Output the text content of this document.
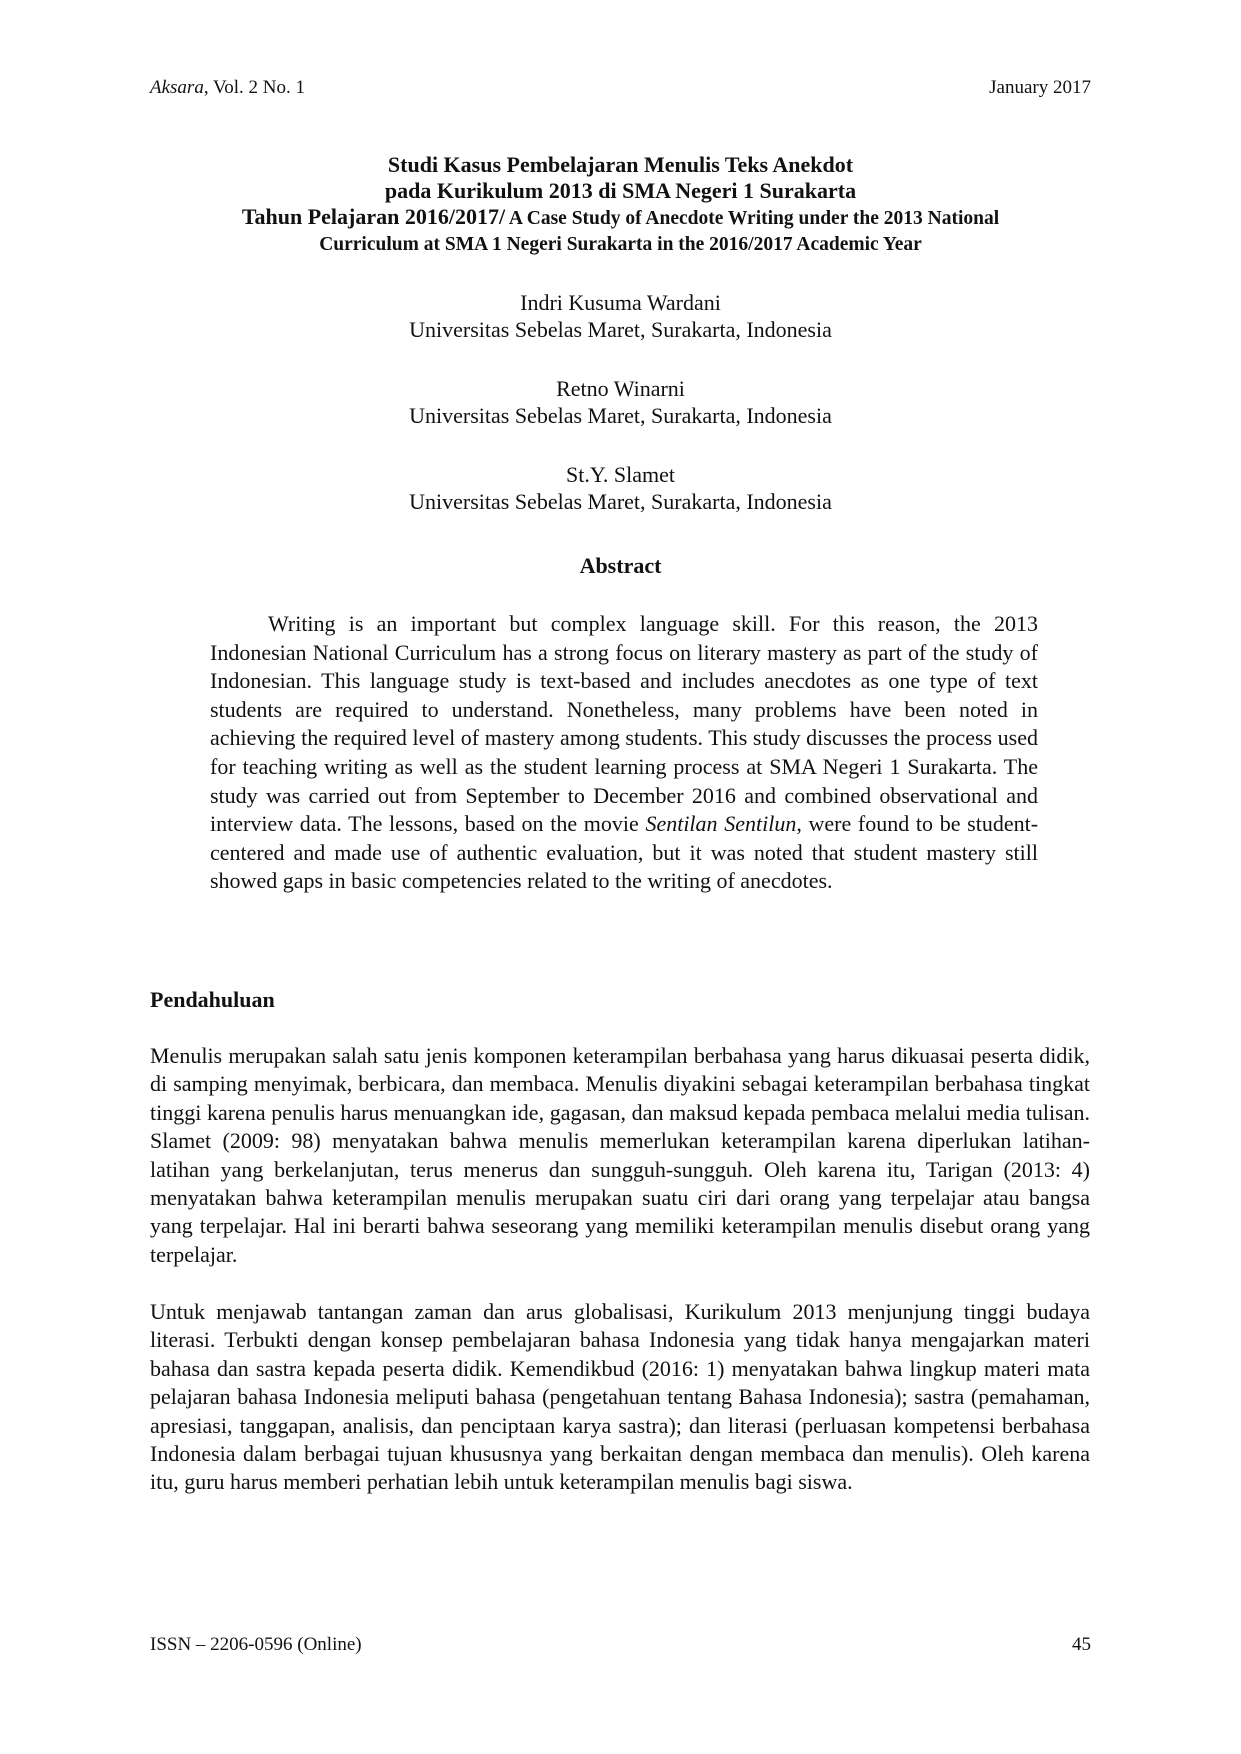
Aksara, Vol. 2 No. 1	January 2017
Studi Kasus Pembelajaran Menulis Teks Anekdot
pada Kurikulum 2013 di SMA Negeri 1 Surakarta
Tahun Pelajaran 2016/2017/ A Case Study of Anecdote Writing under the 2013 National
Curriculum at SMA 1 Negeri Surakarta in the 2016/2017 Academic Year
Indri Kusuma Wardani
Universitas Sebelas Maret, Surakarta, Indonesia
Retno Winarni
Universitas Sebelas Maret, Surakarta, Indonesia
St.Y. Slamet
Universitas Sebelas Maret, Surakarta, Indonesia
Abstract
Writing is an important but complex language skill. For this reason, the 2013 Indonesian National Curriculum has a strong focus on literary mastery as part of the study of Indonesian. This language study is text-based and includes anecdotes as one type of text students are required to understand. Nonetheless, many problems have been noted in achieving the required level of mastery among students. This study discusses the process used for teaching writing as well as the student learning process at SMA Negeri 1 Surakarta. The study was carried out from September to December 2016 and combined observational and interview data. The lessons, based on the movie Sentilan Sentilun, were found to be student-centered and made use of authentic evaluation, but it was noted that student mastery still showed gaps in basic competencies related to the writing of anecdotes.
Pendahuluan
Menulis merupakan salah satu jenis komponen keterampilan berbahasa yang harus dikuasai peserta didik, di samping menyimak, berbicara, dan membaca. Menulis diyakini sebagai keterampilan berbahasa tingkat tinggi karena penulis harus menuangkan ide, gagasan, dan maksud kepada pembaca melalui media tulisan. Slamet (2009: 98) menyatakan bahwa menulis memerlukan keterampilan karena diperlukan latihan-latihan yang berkelanjutan, terus menerus dan sungguh-sungguh. Oleh karena itu, Tarigan (2013: 4) menyatakan bahwa keterampilan menulis merupakan suatu ciri dari orang yang terpelajar atau bangsa yang terpelajar. Hal ini berarti bahwa seseorang yang memiliki keterampilan menulis disebut orang yang terpelajar.
Untuk menjawab tantangan zaman dan arus globalisasi, Kurikulum 2013 menjunjung tinggi budaya literasi. Terbukti dengan konsep pembelajaran bahasa Indonesia yang tidak hanya mengajarkan materi bahasa dan sastra kepada peserta didik. Kemendikbud (2016: 1) menyatakan bahwa lingkup materi mata pelajaran bahasa Indonesia meliputi bahasa (pengetahuan tentang Bahasa Indonesia); sastra (pemahaman, apresiasi, tanggapan, analisis, dan penciptaan karya sastra); dan literasi (perluasan kompetensi berbahasa Indonesia dalam berbagai tujuan khususnya yang berkaitan dengan membaca dan menulis). Oleh karena itu, guru harus memberi perhatian lebih untuk keterampilan menulis bagi siswa.
ISSN – 2206-0596 (Online)	45
